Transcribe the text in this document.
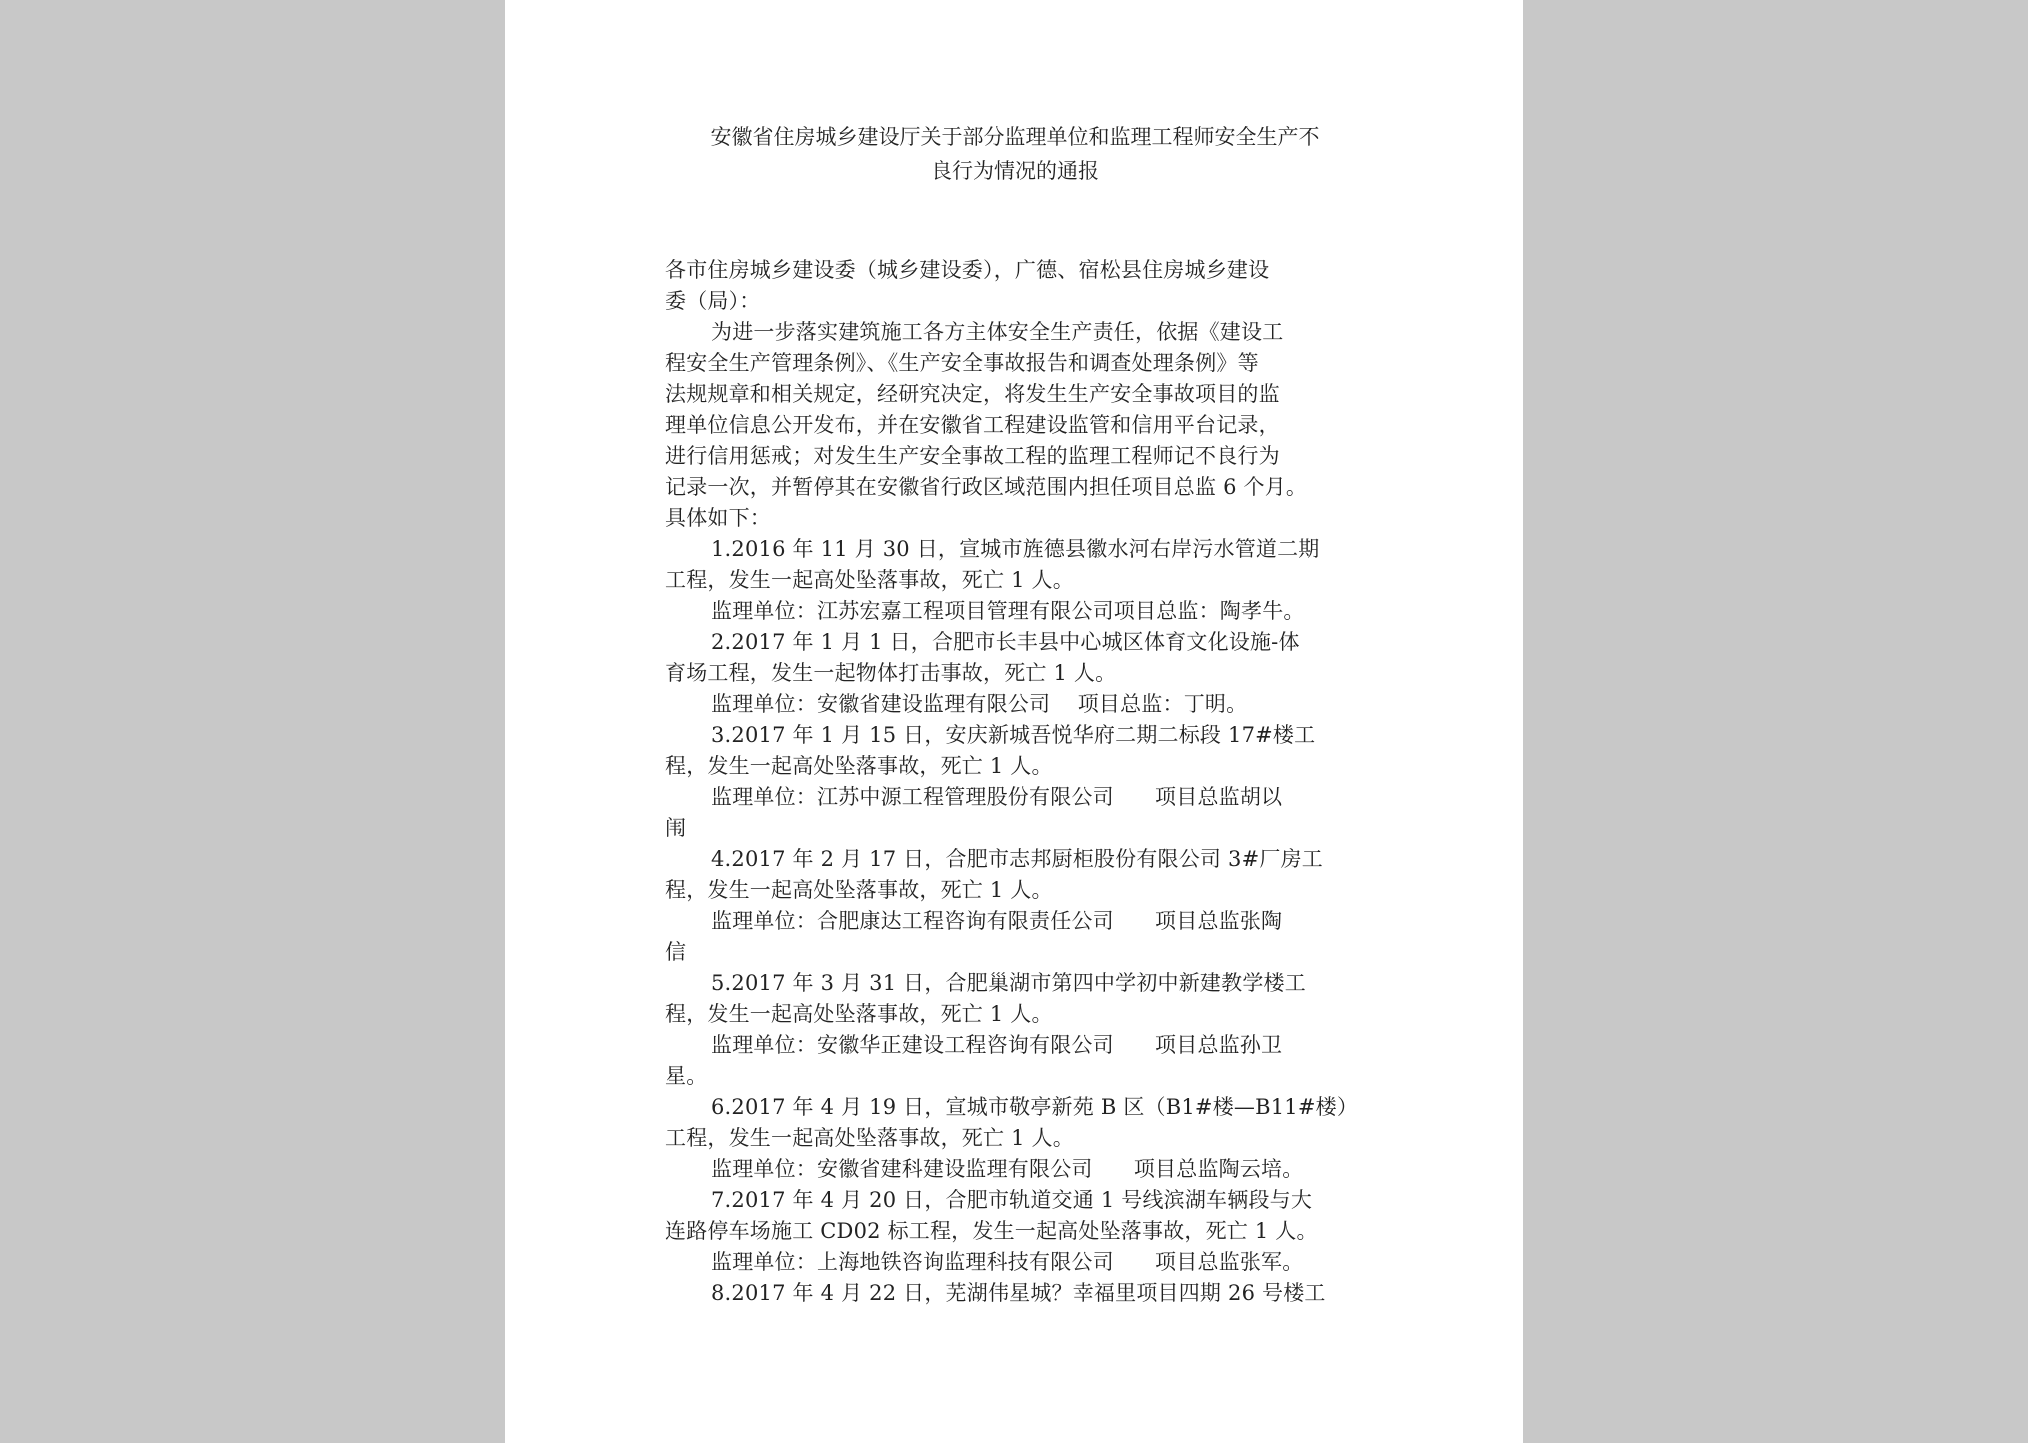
安徽省住房城乡建设厅关于部分监理单位和监理工程师安全生产不
良行为情况的通报
各市住房城乡建设委（城乡建设委），广德、宿松县住房城乡建设
委（局）：
为进一步落实建筑施工各方主体安全生产责任，依据《建设工
程安全生产管理条例》、《生产安全事故报告和调查处理条例》等
法规规章和相关规定，经研究决定，将发生生产安全事故项目的监
理单位信息公开发布，并在安徽省工程建设监管和信用平台记录，
进行信用惩戒；对发生生产安全事故工程的监理工程师记不良行为
记录一次，并暂停其在安徽省行政区域范围内担任项目总监 6 个月。
具体如下：
1.2016 年 11 月 30 日，宣城市旌德县徽水河右岸污水管道二期
工程，发生一起高处坠落事故，死亡 1 人。
监理单位：江苏宏嘉工程项目管理有限公司项目总监：陶孝牛。
2.2017 年 1 月 1 日，合肥市长丰县中心城区体育文化设施-体
育场工程，发生一起物体打击事故，死亡 1 人。
监理单位：安徽省建设监理有限公司    项目总监：丁明。
3.2017 年 1 月 15 日，安庆新城吾悦华府二期二标段 17#楼工
程，发生一起高处坠落事故，死亡 1 人。
监理单位：江苏中源工程管理股份有限公司      项目总监胡以
闱
4.2017 年 2 月 17 日，合肥市志邦厨柜股份有限公司 3#厂房工
程，发生一起高处坠落事故，死亡 1 人。
监理单位：合肥康达工程咨询有限责任公司      项目总监张陶
信
5.2017 年 3 月 31 日，合肥巢湖市第四中学初中新建教学楼工
程，发生一起高处坠落事故，死亡 1 人。
监理单位：安徽华正建设工程咨询有限公司      项目总监孙卫
星。
6.2017 年 4 月 19 日，宣城市敬亭新苑 B 区（B1#楼—B11#楼）
工程，发生一起高处坠落事故，死亡 1 人。
监理单位：安徽省建科建设监理有限公司      项目总监陶云培。
7.2017 年 4 月 20 日，合肥市轨道交通 1 号线滨湖车辆段与大
连路停车场施工 CD02 标工程，发生一起高处坠落事故，死亡 1 人。
监理单位：上海地铁咨询监理科技有限公司      项目总监张军。
8.2017 年 4 月 22 日，芜湖伟星城？幸福里项目四期 26 号楼工
